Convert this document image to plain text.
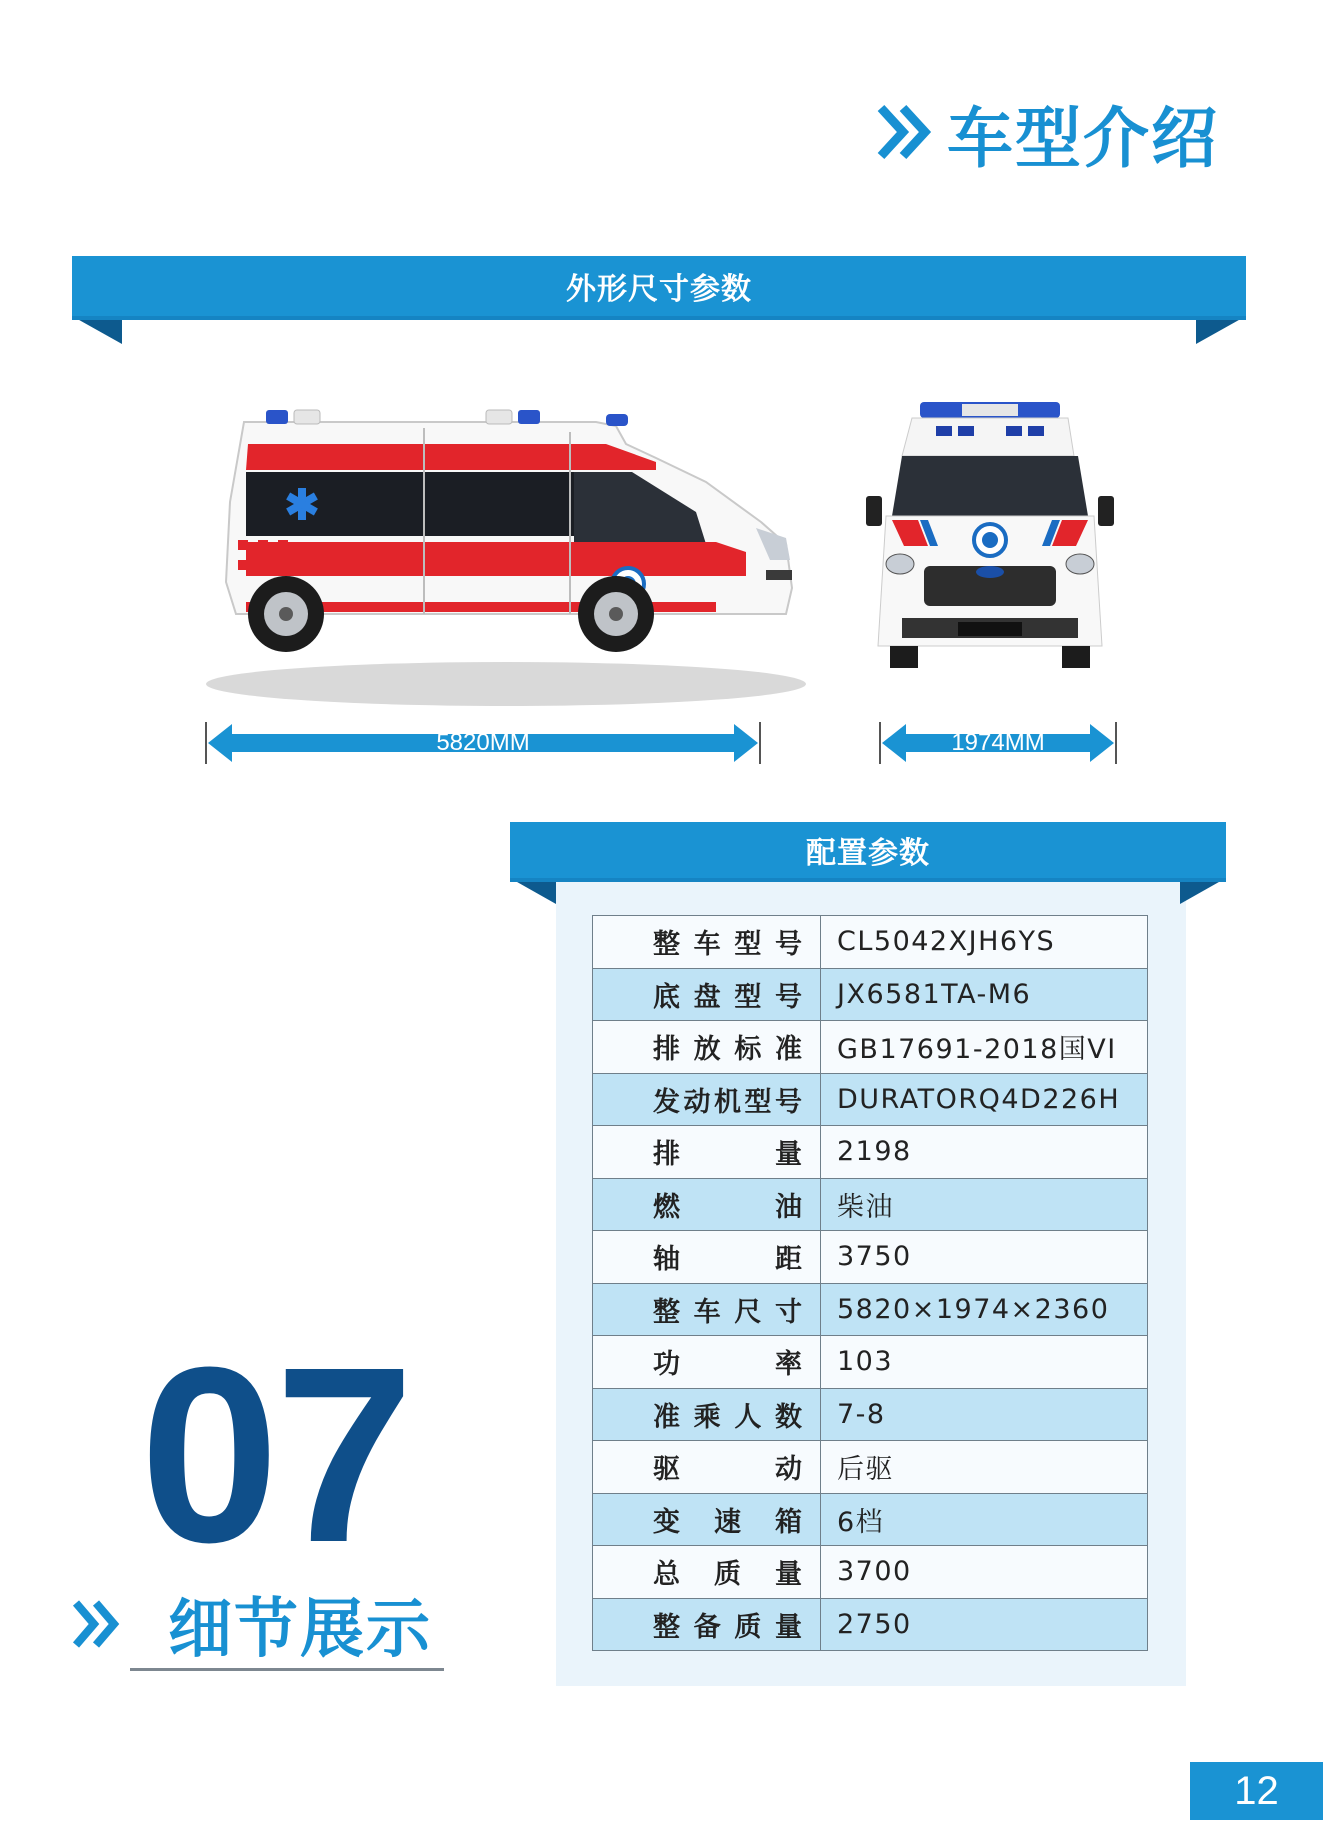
车型介绍
外形尺寸参数
5820MM	1974MM
配置参数
整车型号	CL5042XJH6YS

底盘型号	JX6581TA-M6

排放标准	GB17691-2018国VI

发动机型号	DURATORQ4D226H

排量	2198

燃油	柴油

轴距	3750

整车尺寸	5820×1974×2360

功率	103

准乘人数	7-8

驱动	后驱

变速箱	6档

总质量	3700

整备质量	2750
07
细节展示
12
